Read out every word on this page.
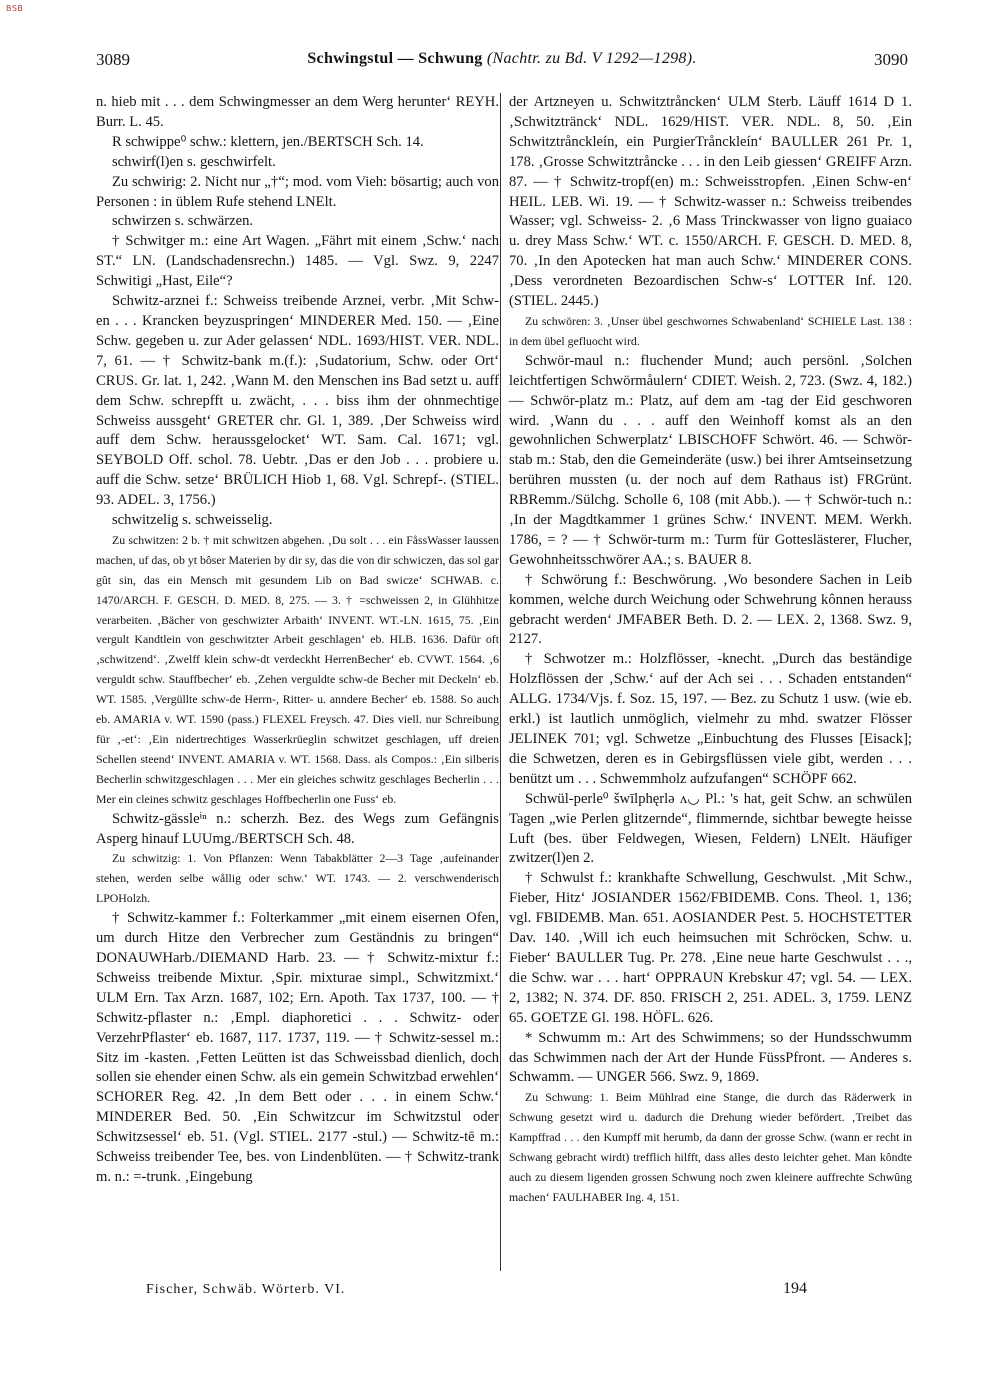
BSB
3089	Schwingstul — Schwung (Nachtr. zu Bd. V 1292—1298).	3090

n. hieb mit . . . dem Schwingmesser an dem Werg herunter‘ REYH. Burr. L. 45.

R schwippe⁰ schw.: klettern, jen./BERTSCH Sch. 14.

schwirf(l)en s. geschwirfelt.

Zu schwirig: 2. Nicht nur „†“; mod. vom Vieh: bösartig; auch von Personen : in üblem Rufe stehend LNElt.

schwirzen s. schwärzen.

† Schwitger m.: eine Art Wagen. „Fährt mit einem ‚Schw.‘ nach ST.“ LN. (Landschadensrechn.) 1485. — Vgl. Swz. 9, 2247 Schwitigi „Hast, Eile“?

Schwitz-arznei f.: Schweiss treibende Arznei, verbr. ‚Mit Schw-en . . . Krancken beyzuspringen‘ MINDERER Med. 150. — ‚Eine Schw. gegeben u. zur Ader gelassen‘ NDL. 1693/HIST. VER. NDL. 7, 61. — † Schwitz-bank m.(f.): ‚Sudatorium, Schw. oder Ort‘ CRUS. Gr. lat. 1, 242. ‚Wann M. den Menschen ins Bad setzt u. auff dem Schw. schrepfft u. zwächt, . . . biss ihm der ohnmechtige Schweiss aussgeht‘ GRETER chr. Gl. 1, 389. ‚Der Schweiss wird auff dem Schw. heraussgelocket‘ WT. Sam. Cal. 1671; vgl. SEYBOLD Off. schol. 78. Uebtr. ‚Das er den Job . . . probiere u. auff die Schw. setze‘ BRÜLICH Hiob 1, 68. Vgl. Schrepf-. (STIEL. 93. ADEL. 3, 1756.)

schwitzelig s. schweisselig.

Zu schwitzen: 2 b. † mit schwitzen abgehen. ‚Du solt . . . ein FåssWasser laussen machen, uf das, ob yt bôser Materien by dir sy, das die von dir schwiczen, das sol gar gût sin, das ein Mensch mit gesundem Lib on Bad swicze‘ SCHWAB. c. 1470/ARCH. F. GESCH. D. MED. 8, 275. — 3. † =schweissen 2, in Glühhitze verarbeiten. ‚Bächer von geschwizter Arbaith‘ INVENT. WT.-LN. 1615, 75. ‚Ein vergult Kandtlein von geschwitzter Arbeit geschlagen‘ eb. HLB. 1636. Dafür oft ‚schwitzend‘. ‚Zwelff klein schw-dt verdeckht HerrenBecher‘ eb. CVWT. 1564. ‚6 verguldt schw. Stauffbecher‘ eb. ‚Zehen verguldte schw-de Becher mit Deckeln‘ eb. WT. 1585. ‚Vergüllte schw-de Herrn-, Ritter- u. anndere Becher‘ eb. 1588. So auch eb. AMARIA v. WT. 1590 (pass.) FLEXEL Freysch. 47. Dies viell. nur Schreibung für ‚-et‘: ‚Ein nidertrechtiges Wasserkrüeglin schwitzet geschlagen, uff dreien Schellen steend‘ INVENT. AMARIA v. WT. 1568. Dass. als Compos.: ‚Ein silberis Becherlin schwitzgeschlagen . . . Mer ein gleiches schwitz geschlages Becherlin . . . Mer ein cleines schwitz geschlages Hoffbecherlin one Fuss‘ eb.

Schwitz-gässleⁱⁿ n.: scherzh. Bez. des Wegs zum Gefängnis Asperg hinauf LUUmg./BERTSCH Sch. 48.

Zu schwitzig: 1. Von Pflanzen: Wenn Tabakblätter 2—3 Tage ‚aufeinander stehen, werden selbe wållig oder schw.‘ WT. 1743. — 2. verschwenderisch LPOHolzh.

† Schwitz-kammer f.: Folterkammer „mit einem eisernen Ofen, um durch Hitze den Verbrecher zum Geständnis zu bringen“ DONAUWHarb./DIEMAND Harb. 23. — † Schwitz-mixtur f.: Schweiss treibende Mixtur. ‚Spir. mixturae simpl., Schwitzmixt.‘ ULM Ern. Tax Arzn. 1687, 102; Ern. Apoth. Tax 1737, 100. — † Schwitz-pflaster n.: ‚Empl. diaphoretici . . . Schwitz- oder VerzehrPflaster‘ eb. 1687, 117. 1737, 119. — † Schwitz-sessel m.: Sitz im -kasten. ‚Fetten Leütten ist das Schweissbad dienlich, doch sollen sie ehender einen Schw. als ein gemein Schwitzbad erwehlen‘ SCHORER Reg. 42. ‚In dem Bett oder . . . in einem Schw.‘ MINDERER Bed. 50. ‚Ein Schwitzcur im Schwitzstul oder Schwitzsessel‘ eb. 51. (Vgl. STIEL. 2177 -stul.) — Schwitz-tē m.: Schweiss treibender Tee, bes. von Lindenblüten. — † Schwitz-trank m. n.: =-trunk. ‚Eingebung

der Artzneyen u. Schwitztråncken‘ ULM Sterb. Läuff 1614 D 1. ‚Schwitztränck‘ NDL. 1629/HIST. VER. NDL. 8, 50. ‚Ein Schwitztrånckleín, ein PurgierTrånckleín‘ BAULLER 261 Pr. 1, 178. ‚Grosse Schwitztråncke . . . in den Leib giessen‘ GREIFF Arzn. 87. — † Schwitz-tropf(en) m.: Schweisstropfen. ‚Einen Schw-en‘ HEIL. LEB. Wi. 19. — † Schwitz-wasser n.: Schweiss treibendes Wasser; vgl. Schweiss- 2. ‚6 Mass Trinckwasser von ligno guaiaco u. drey Mass Schw.‘ WT. c. 1550/ARCH. F. GESCH. D. MED. 8, 70. ‚In den Apotecken hat man auch Schw.‘ MINDERER CONS. ‚Dess verordneten Bezoardischen Schw-s‘ LOTTER Inf. 120. (STIEL. 2445.)

Zu schwören: 3. ‚Unser übel geschwornes Schwabenland‘ SCHIELE Last. 138 : in dem übel gefluocht wird.

Schwör-maul n.: fluchender Mund; auch persönl. ‚Solchen leichtfertigen Schwörmåulern‘ CDIET. Weish. 2, 723. (Swz. 4, 182.) — Schwör-platz m.: Platz, auf dem am -tag der Eid geschworen wird. ‚Wann du . . . auff den Weinhoff komst als an den gewohnlichen Schwerplatz‘ LBISCHOFF Schwört. 46. — Schwör-stab m.: Stab, den die Gemeinderäte (usw.) bei ihrer Amtseinsetzung berühren mussten (u. der noch auf dem Rathaus ist) FRGrünt. RBRemm./Sülchg. Scholle 6, 108 (mit Abb.). — † Schwör-tuch n.: ‚In der Magdtkammer 1 grünes Schw.‘ INVENT. MEM. Werkh. 1786, = ? — † Schwör-turm m.: Turm für Gotteslästerer, Flucher, Gewohnheitsschwörer AA.; s. BAUER 8.

† Schwörung f.: Beschwörung. ‚Wo besondere Sachen in Leib kommen, welche durch Weichung oder Schwehrung kônnen herauss gebracht werden‘ JMFABER Beth. D. 2. — LEX. 2, 1368. Swz. 9, 2127.

† Schwotzer m.: Holzflösser, -knecht. „Durch das beständige Holzflössen der ‚Schw.‘ auf der Ach sei . . . Schaden entstanden“ ALLG. 1734/Vjs. f. Soz. 15, 197. — Bez. zu Schutz 1 usw. (wie eb. erkl.) ist lautlich unmöglich, vielmehr zu mhd. swatzer Flösser JELINEK 701; vgl. Schwetze „Einbuchtung des Flusses [Eisack]; die Schwetzen, deren es in Gebirgsflüssen viele gibt, werden . . . benützt um . . . Schwemmholz aufzufangen“ SCHÖPF 662.

Schwül-perle⁰ šwīlphęrlə ʌ◡ Pl.: 's hat, geit Schw. an schwülen Tagen „wie Perlen glitzernde“, flimmernde, sichtbar bewegte heisse Luft (bes. über Feldwegen, Wiesen, Feldern) LNElt. Häufiger zwitzer(l)en 2.

† Schwulst f.: krankhafte Schwellung, Geschwulst. ‚Mit Schw., Fieber, Hitz‘ JOSIANDER 1562/FBIDEMB. Cons. Theol. 1, 136; vgl. FBIDEMB. Man. 651. AOSIANDER Pest. 5. HOCHSTETTER Dav. 140. ‚Will ich euch heimsuchen mit Schröcken, Schw. u. Fieber‘ BAULLER Tug. Pr. 278. ‚Eine neue harte Geschwulst . . ., die Schw. war . . . hart‘ OPPRAUN Krebskur 47; vgl. 54. — LEX. 2, 1382; N. 374. DF. 850. FRISCH 2, 251. ADEL. 3, 1759. LENZ 65. GOETZE Gl. 198. HÖFL. 626.

* Schwumm m.: Art des Schwimmens; so der Hundsschwumm das Schwimmen nach der Art der Hunde FüssPfront. — Anderes s. Schwamm. — UNGER 566. Swz. 9, 1869.

Zu Schwung: 1. Beim Mühlrad eine Stange, die durch das Räderwerk in Schwung gesetzt wird u. dadurch die Drehung wieder befördert. ‚Treibet das Kampffrad . . . den Kumpff mit herumb, da dann der grosse Schw. (wann er recht in Schwang gebracht wirdt) trefflich hilfft, dass alles desto leichter gehet. Man kôndte auch zu diesem ligenden grossen Schwung noch zwen kleinere auffrechte Schwûng machen‘ FAULHABER Ing. 4, 151.

Fischer, Schwäb. Wörterb. VI.	194
